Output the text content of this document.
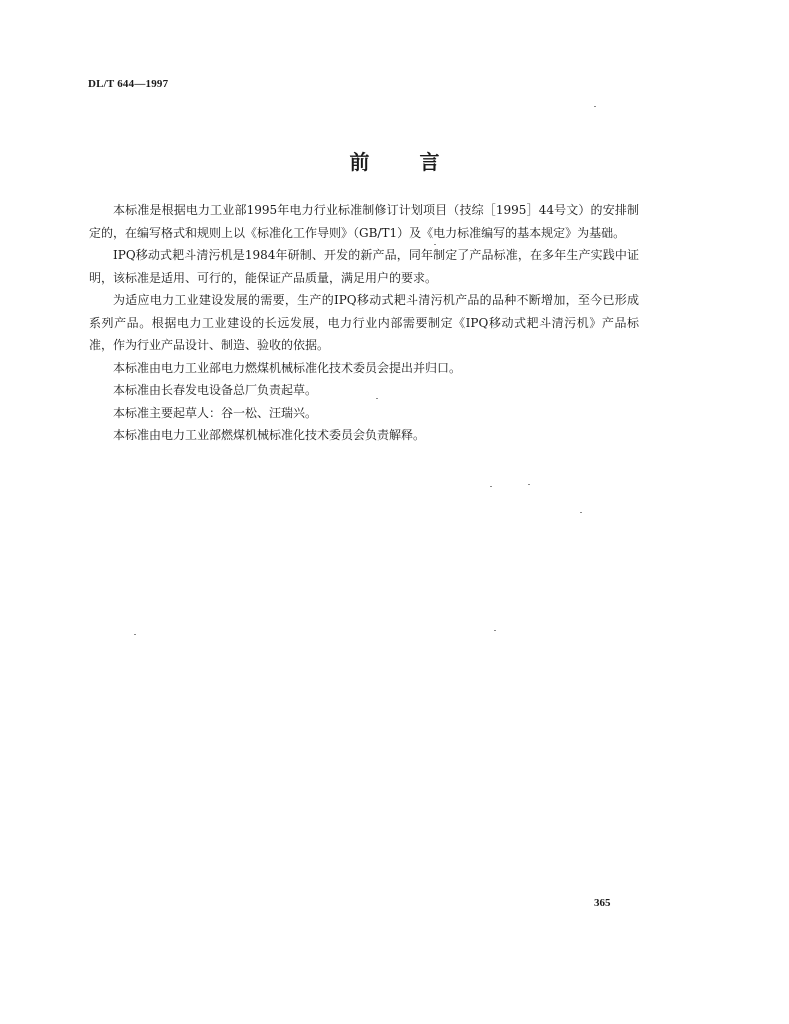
DL/T 644—1997
前	言

本标准是根据电力工业部1995年电力行业标准制修订计划项目（技综［1995］44号文）的安排制定的，在编写格式和规则上以《标准化工作导则》（GB/T1）及《电力标准编写的基本规定》为基础。

IPQ移动式耙斗清污机是1984年研制、开发的新产品，同年制定了产品标准，在多年生产实践中证明，该标准是适用、可行的，能保证产品质量，满足用户的要求。

为适应电力工业建设发展的需要，生产的IPQ移动式耙斗清污机产品的品种不断增加，至今已形成系列产品。根据电力工业建设的长远发展，电力行业内部需要制定《IPQ移动式耙斗清污机》产品标准，作为行业产品设计、制造、验收的依据。

本标准由电力工业部电力燃煤机械标准化技术委员会提出并归口。

本标准由长春发电设备总厂负责起草。

本标准主要起草人：谷一松、汪瑞兴。

本标准由电力工业部燃煤机械标准化技术委员会负责解释。

365
